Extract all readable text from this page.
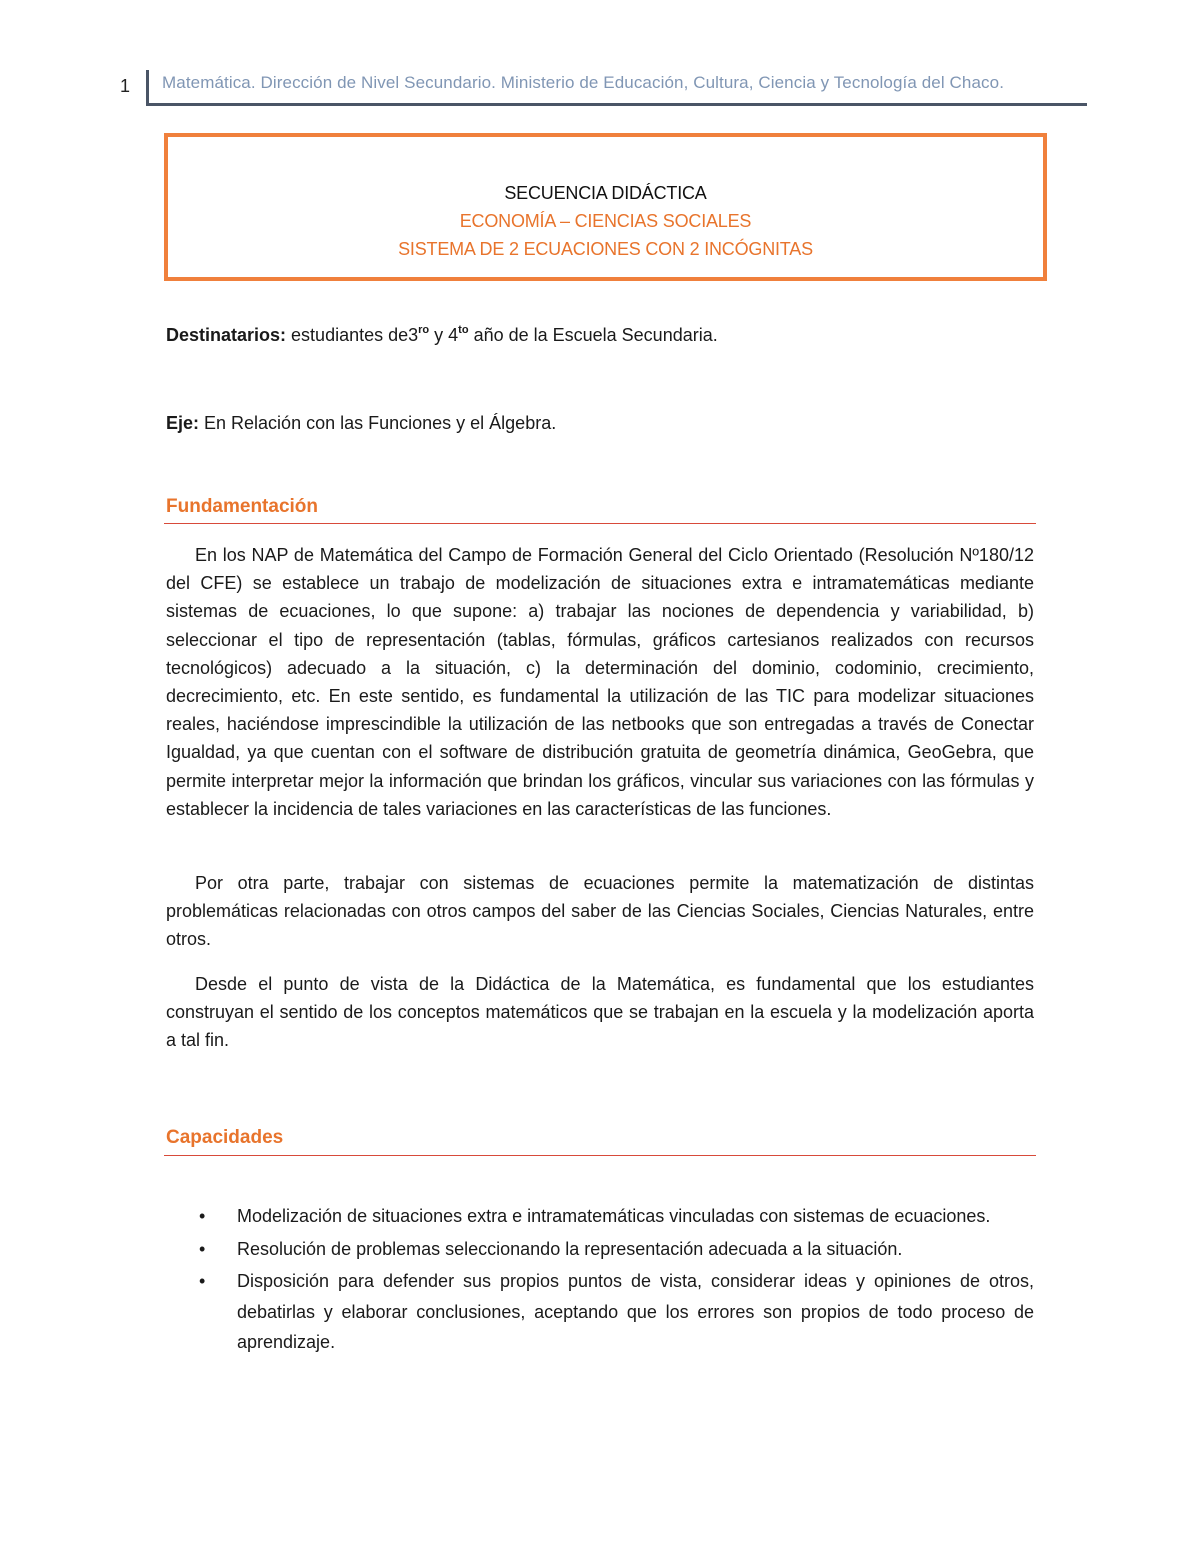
1 Matemática. Dirección de Nivel Secundario. Ministerio de Educación, Cultura, Ciencia y Tecnología del Chaco.
SECUENCIA DIDÁCTICA
ECONOMÍA – CIENCIAS SOCIALES
SISTEMA DE 2 ECUACIONES CON 2 INCÓGNITAS
Destinatarios: estudiantes $de3^{ro}$ y $4^{to}$ año de la Escuela Secundaria.
Eje: En Relación con las Funciones y el Álgebra.
Fundamentación
En los NAP de Matemática del Campo de Formación General del Ciclo Orientado (Resolución Nº180/12 del CFE) se establece un trabajo de modelización de situaciones extra e intramatemáticas mediante sistemas de ecuaciones, lo que supone: a) trabajar las nociones de dependencia y variabilidad, b) seleccionar el tipo de representación (tablas, fórmulas, gráficos cartesianos realizados con recursos tecnológicos) adecuado a la situación, c) la determinación del dominio, codominio, crecimiento, decrecimiento, etc. En este sentido, es fundamental la utilización de las TIC para modelizar situaciones reales, haciéndose imprescindible la utilización de las netbooks que son entregadas a través de Conectar Igualdad, ya que cuentan con el software de distribución gratuita de geometría dinámica, GeoGebra, que permite interpretar mejor la información que brindan los gráficos, vincular sus variaciones con las fórmulas y establecer la incidencia de tales variaciones en las características de las funciones.
Por otra parte, trabajar con sistemas de ecuaciones permite la matematización de distintas problemáticas relacionadas con otros campos del saber de las Ciencias Sociales, Ciencias Naturales, entre otros.
Desde el punto de vista de la Didáctica de la Matemática, es fundamental que los estudiantes construyan el sentido de los conceptos matemáticos que se trabajan en la escuela y la modelización aporta a tal fin.
Capacidades
• Modelización de situaciones extra e intramatemáticas vinculadas con sistemas de ecuaciones.
• Resolución de problemas seleccionando la representación adecuada a la situación.
• Disposición para defender sus propios puntos de vista, considerar ideas y opiniones de otros, debatirlas y elaborar conclusiones, aceptando que los errores son propios de todo proceso de aprendizaje.
